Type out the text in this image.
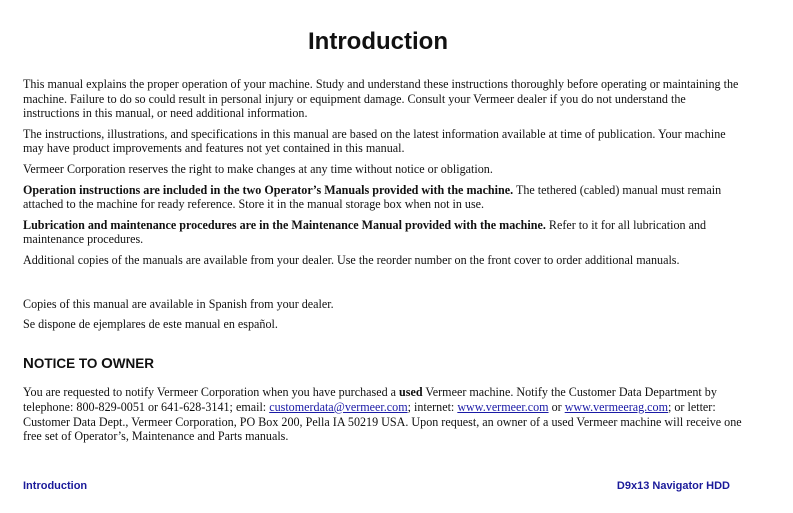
Introduction

This manual explains the proper operation of your machine. Study and understand these instructions thoroughly before operating or maintaining the machine. Failure to do so could result in personal injury or equipment damage. Consult your Vermeer dealer if you do not understand the instructions in this manual, or need additional information.

The instructions, illustrations, and specifications in this manual are based on the latest information available at time of publication. Your machine may have product improvements and features not yet contained in this manual.

Vermeer Corporation reserves the right to make changes at any time without notice or obligation.

Operation instructions are included in the two Operator’s Manuals provided with the machine. The tethered (cabled) manual must remain attached to the machine for ready reference. Store it in the manual storage box when not in use.

Lubrication and maintenance procedures are in the Maintenance Manual provided with the machine. Refer to it for all lubrication and maintenance procedures.

Additional copies of the manuals are available from your dealer. Use the reorder number on the front cover to order additional manuals.

Copies of this manual are available in Spanish from your dealer.

Se dispone de ejemplares de este manual en español.

NOTICE TO OWNER

You are requested to notify Vermeer Corporation when you have purchased a used Vermeer machine. Notify the Customer Data Department by telephone: 800-829-0051 or 641-628-3141; email: customerdata@vermeer.com; internet: www.vermeer.com or www.vermeerag.com; or letter: Customer Data Dept., Vermeer Corporation, PO Box 200, Pella IA 50219 USA. Upon request, an owner of a used Vermeer machine will receive one free set of Operator’s, Maintenance and Parts manuals.

Introduction	D9x13 Navigator HDD
